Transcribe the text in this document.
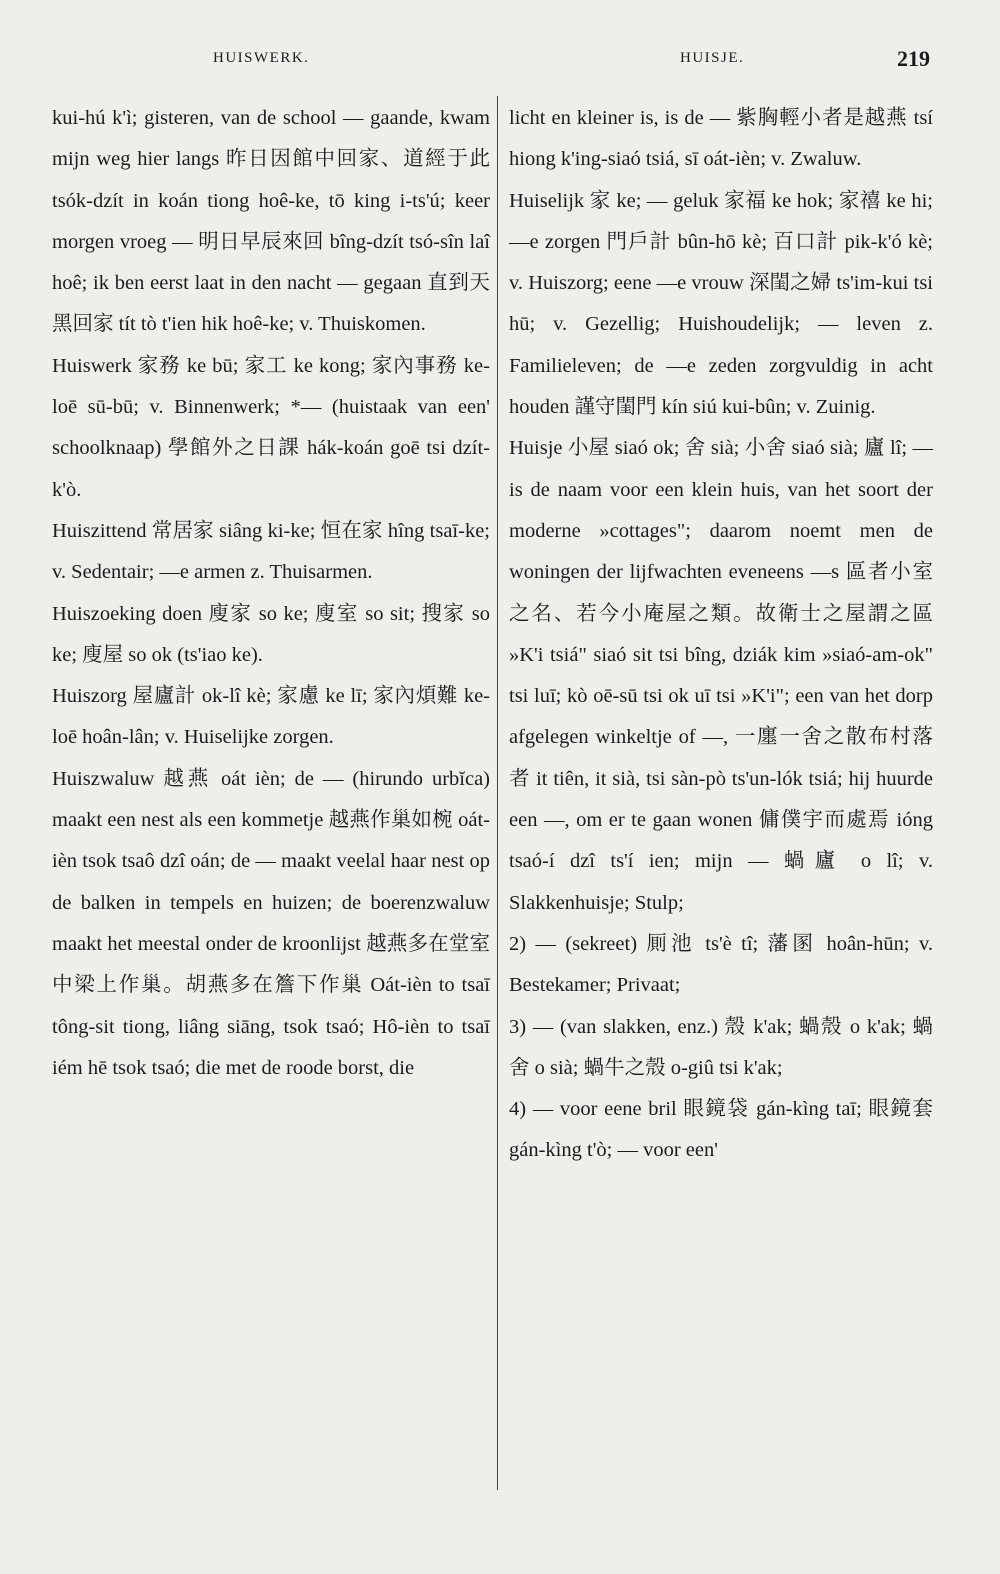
HUISWERK.	HUISJE.	219

kui-hú k'ì; gisteren, van de school — gaande, kwam mijn weg hier langs 昨日因館中回家、道經于此 tsók-dzít in koán tiong hoê-ke, tō king i-ts'ú; keer morgen vroeg — 明日早辰來回 bîng-dzít tsó-sîn laî hoê; ik ben eerst laat in den nacht — gegaan 直到天黑回家 tít tò t'ien hik hoê-ke; v. Thuiskomen.

Huiswerk 家務 ke bū; 家工 ke kong; 家內事務 ke-loē sū-bū; v. Binnenwerk; *— (huistaak van een' schoolknaap) 學館外之日課 hák-koán goē tsi dzít-k'ò.

Huiszittend 常居家 siâng ki-ke; 恒在家 hîng tsaī-ke; v. Sedentair; —e armen z. Thuisarmen.

Huiszoeking doen 廋家 so ke; 廋室 so sit; 搜家 so ke; 廋屋 so ok (ts'iao ke).

Huiszorg 屋廬計 ok-lî kè; 家慮 ke lī; 家內煩難 ke-loē hoân-lân; v. Huiselijke zorgen.

Huiszwaluw 越燕 oát ièn; de — (hirundo urbĭca) maakt een nest als een kommetje 越燕作巢如椀 oát-ièn tsok tsaô dzî oán; de — maakt veelal haar nest op de balken in tempels en huizen; de boerenzwaluw maakt het meestal onder de kroonlijst 越燕多在堂室中梁上作巢。胡燕多在簷下作巢 Oát-ièn to tsaī tông-sit tiong, liâng siāng, tsok tsaó; Hô-ièn to tsaī iém hē tsok tsaó; die met de roode borst, die

licht en kleiner is, is de — 紫胸輕小者是越燕 tsí hiong k'ing-siaó tsiá, sī oát-ièn; v. Zwaluw.

Huiselijk 家 ke; — geluk 家福 ke hok; 家禧 ke hi; —e zorgen 門戶計 bûn-hō kè; 百口計 pik-k'ó kè; v. Huiszorg; eene —e vrouw 深閨之婦 ts'im-kui tsi hū; v. Gezellig; Huishoudelijk; — leven z. Familieleven; de —e zeden zorgvuldig in acht houden 謹守閨門 kín siú kui-bûn; v. Zuinig.

Huisje 小屋 siaó ok; 舍 sià; 小舍 siaó sià; 廬 lî; — is de naam voor een klein huis, van het soort der moderne »cottages"; daarom noemt men de woningen der lijfwachten eveneens —s 區者小室之名、若今小庵屋之類。故衛士之屋謂之區 »K'i tsiá" siaó sit tsi bîng, dziák kim »siaó-am-ok" tsi luī; kò oē-sū tsi ok uī tsi »K'i"; een van het dorp afgelegen winkeltje of —, 一廛一舍之散布村落者 it tiên, it sià, tsi sàn-pò ts'un-lók tsiá; hij huurde een —, om er te gaan wonen 傭僕宇而處焉 ióng tsaó-í dzî ts'í ien; mijn — 蝸廬 o lî; v. Slakkenhuisje; Stulp;

2) — (sekreet) 厠池 ts'è tî; 藩圂 hoân-hūn; v. Bestekamer; Privaat;

3) — (van slakken, enz.) 殼 k'ak; 蝸殼 o k'ak; 蝸舍 o sià; 蝸牛之殼 o-giû tsi k'ak;

4) — voor eene bril 眼鏡袋 gán-kìng taī; 眼鏡套 gán-kìng t'ò; — voor een'
